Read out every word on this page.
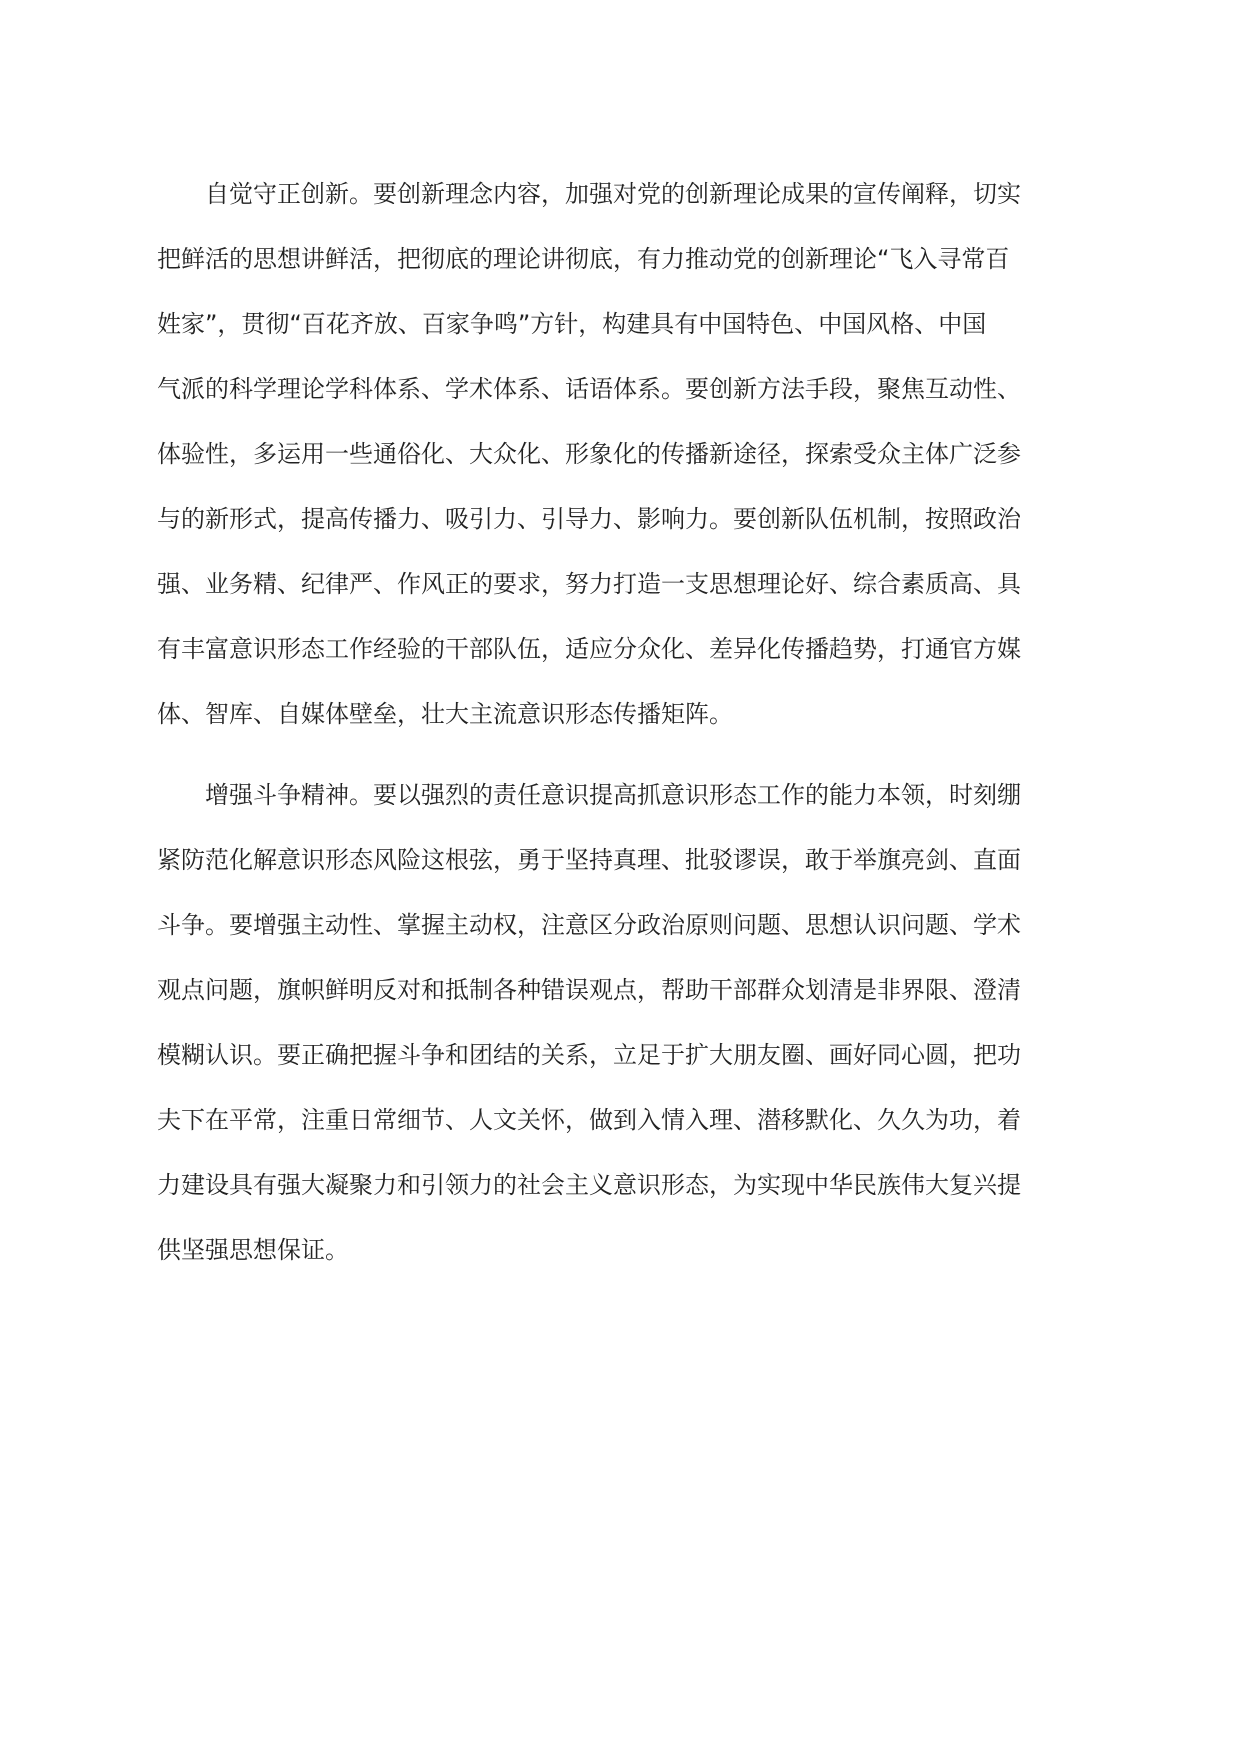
自觉守正创新。要创新理念内容，加强对党的创新理论成果的宣传阐释，切实
把鲜活的思想讲鲜活，把彻底的理论讲彻底，有力推动党的创新理论“飞入寻常百
姓家”，贯彻“百花齐放、百家争鸣”方针，构建具有中国特色、中国风格、中国
气派的科学理论学科体系、学术体系、话语体系。要创新方法手段，聚焦互动性、
体验性，多运用一些通俗化、大众化、形象化的传播新途径，探索受众主体广泛参
与的新形式，提高传播力、吸引力、引导力、影响力。要创新队伍机制，按照政治
强、业务精、纪律严、作风正的要求，努力打造一支思想理论好、综合素质高、具
有丰富意识形态工作经验的干部队伍，适应分众化、差异化传播趋势，打通官方媒
体、智库、自媒体壁垒，壮大主流意识形态传播矩阵。
增强斗争精神。要以强烈的责任意识提高抓意识形态工作的能力本领，时刻绷
紧防范化解意识形态风险这根弦，勇于坚持真理、批驳谬误，敢于举旗亮剑、直面
斗争。要增强主动性、掌握主动权，注意区分政治原则问题、思想认识问题、学术
观点问题，旗帜鲜明反对和抵制各种错误观点，帮助干部群众划清是非界限、澄清
模糊认识。要正确把握斗争和团结的关系，立足于扩大朋友圈、画好同心圆，把功
夫下在平常，注重日常细节、人文关怀，做到入情入理、潜移默化、久久为功，着
力建设具有强大凝聚力和引领力的社会主义意识形态，为实现中华民族伟大复兴提
供坚强思想保证。
